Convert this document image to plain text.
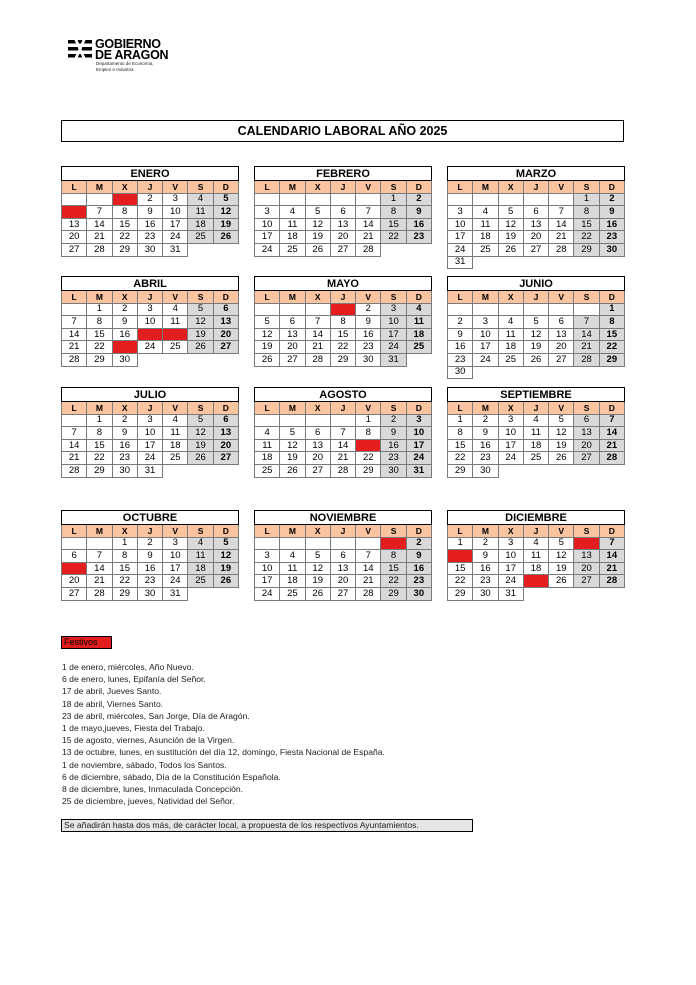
GOBIERNO
DE ARAGON
Departamento de Economía,
Empleo e Industria
CALENDARIO LABORAL AÑO 2025
ENERO						
L	M	X	J	V	S	D
		1	2	3	4	5
6	7	8	9	10	11	12
13	14	15	16	17	18	19
20	21	22	23	24	25	26
27	28	29	30	31		
FEBRERO						
L	M	X	J	V	S	D
					1	2
3	4	5	6	7	8	9
10	11	12	13	14	15	16
17	18	19	20	21	22	23
24	25	26	27	28		
MARZO						
L	M	X	J	V	S	D
					1	2
3	4	5	6	7	8	9
10	11	12	13	14	15	16
17	18	19	20	21	22	23
24	25	26	27	28	29	30
31						
ABRIL						
L	M	X	J	V	S	D
	1	2	3	4	5	6
7	8	9	10	11	12	13
14	15	16	17	18	19	20
21	22	23	24	25	26	27
28	29	30				
MAYO						
L	M	X	J	V	S	D
			1	2	3	4
5	6	7	8	9	10	11
12	13	14	15	16	17	18
19	20	21	22	23	24	25
26	27	28	29	30	31	
JUNIO						
L	M	X	J	V	S	D
						1
2	3	4	5	6	7	8
9	10	11	12	13	14	15
16	17	18	19	20	21	22
23	24	25	26	27	28	29
30						
JULIO						
L	M	X	J	V	S	D
	1	2	3	4	5	6
7	8	9	10	11	12	13
14	15	16	17	18	19	20
21	22	23	24	25	26	27
28	29	30	31			
AGOSTO						
L	M	X	J	V	S	D
				1	2	3
4	5	6	7	8	9	10
11	12	13	14	15	16	17
18	19	20	21	22	23	24
25	26	27	28	29	30	31
SEPTIEMBRE						
L	M	X	J	V	S	D
1	2	3	4	5	6	7
8	9	10	11	12	13	14
15	16	17	18	19	20	21
22	23	24	25	26	27	28
29	30					
OCTUBRE						
L	M	X	J	V	S	D
		1	2	3	4	5
6	7	8	9	10	11	12
13	14	15	16	17	18	19
20	21	22	23	24	25	26
27	28	29	30	31		
NOVIEMBRE						
L	M	X	J	V	S	D
					1	2
3	4	5	6	7	8	9
10	11	12	13	14	15	16
17	18	19	20	21	22	23
24	25	26	27	28	29	30
DICIEMBRE						
L	M	X	J	V	S	D
1	2	3	4	5	6	7
8	9	10	11	12	13	14
15	16	17	18	19	20	21
22	23	24	25	26	27	28
29	30	31				
Festivos
1 de enero, miércoles, Año Nuevo.
6 de enero, lunes, Epifanía del Señor.
17 de abril, Jueves Santo.
18 de abril, Viernes Santo.
23 de abril, miércoles, San Jorge, Día de Aragón.
1 de mayo,jueves, Fiesta del Trabajo.
15 de agosto, viernes, Asunción de la Virgen.
13 de octubre, lunes, en sustitución del día 12, domingo, Fiesta Nacional de España.
1 de noviembre, sábado, Todos los Santos.
6 de diciembre, sábado, Día de la Constitución Española.
8 de diciembre, lunes, Inmaculada Concepción.
25 de diciembre, jueves, Natividad del Señor.
Se añadirán hasta dos más, de carácter local, a propuesta de los respectivos Ayuntamientos.
